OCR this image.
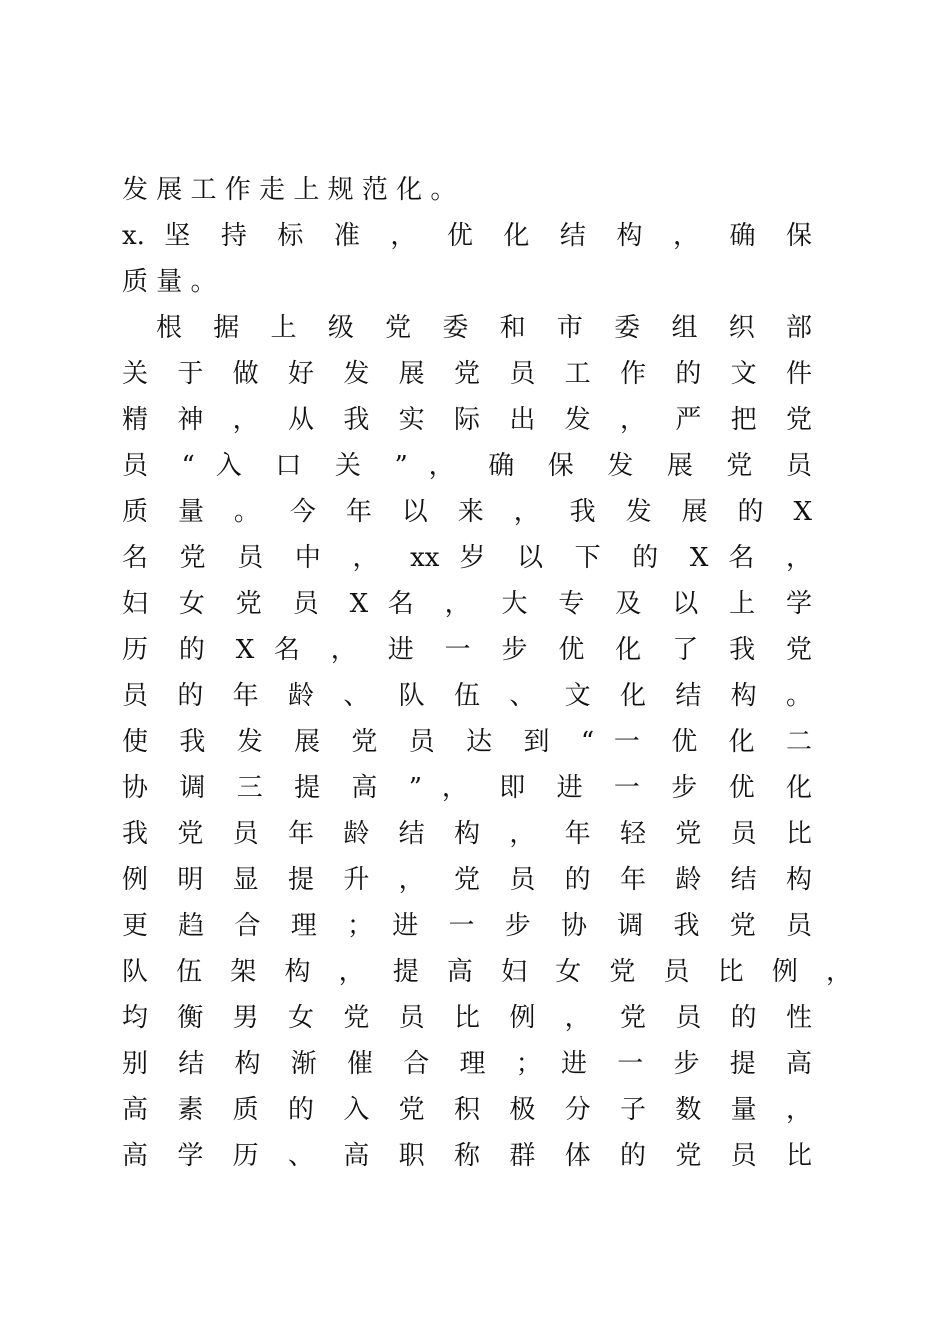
发 展 工 作 走 上 规 范 化 。
x. 坚 持 标 准 ， 优 化 结 构 ， 确 保
质 量 。
根 据 上 级 党 委 和 市 委 组 织 部
关 于 做 好 发 展 党 员 工 作 的 文 件
精 神 ， 从 我 实 际 出 发 ， 严 把 党
员 “ 入 口 关 ” ， 确 保 发 展 党 员
质 量 。 今 年 以 来 ， 我 发 展 的 X
名 党 员 中 ， xx 岁 以 下 的 X 名 ，
妇 女 党 员 X 名 ， 大 专 及 以 上 学
历 的 X 名 ， 进 一 步 优 化 了 我 党
员 的 年 龄 、 队 伍 、 文 化 结 构 。
使 我 发 展 党 员 达 到 “ 一 优 化 二
协 调 三 提 高 ” ， 即 进 一 步 优 化
我 党 员 年 龄 结 构 ， 年 轻 党 员 比
例 明 显 提 升 ， 党 员 的 年 龄 结 构
更 趋 合 理 ； 进 一 步 协 调 我 党 员
队 伍 架 构 ， 提 高 妇 女 党 员 比 例 ，
均 衡 男 女 党 员 比 例 ， 党 员 的 性
别 结 构 渐 催 合 理 ； 进 一 步 提 高
高 素 质 的 入 党 积 极 分 子 数 量 ，
高 学 历 、 高 职 称 群 体 的 党 员 比
